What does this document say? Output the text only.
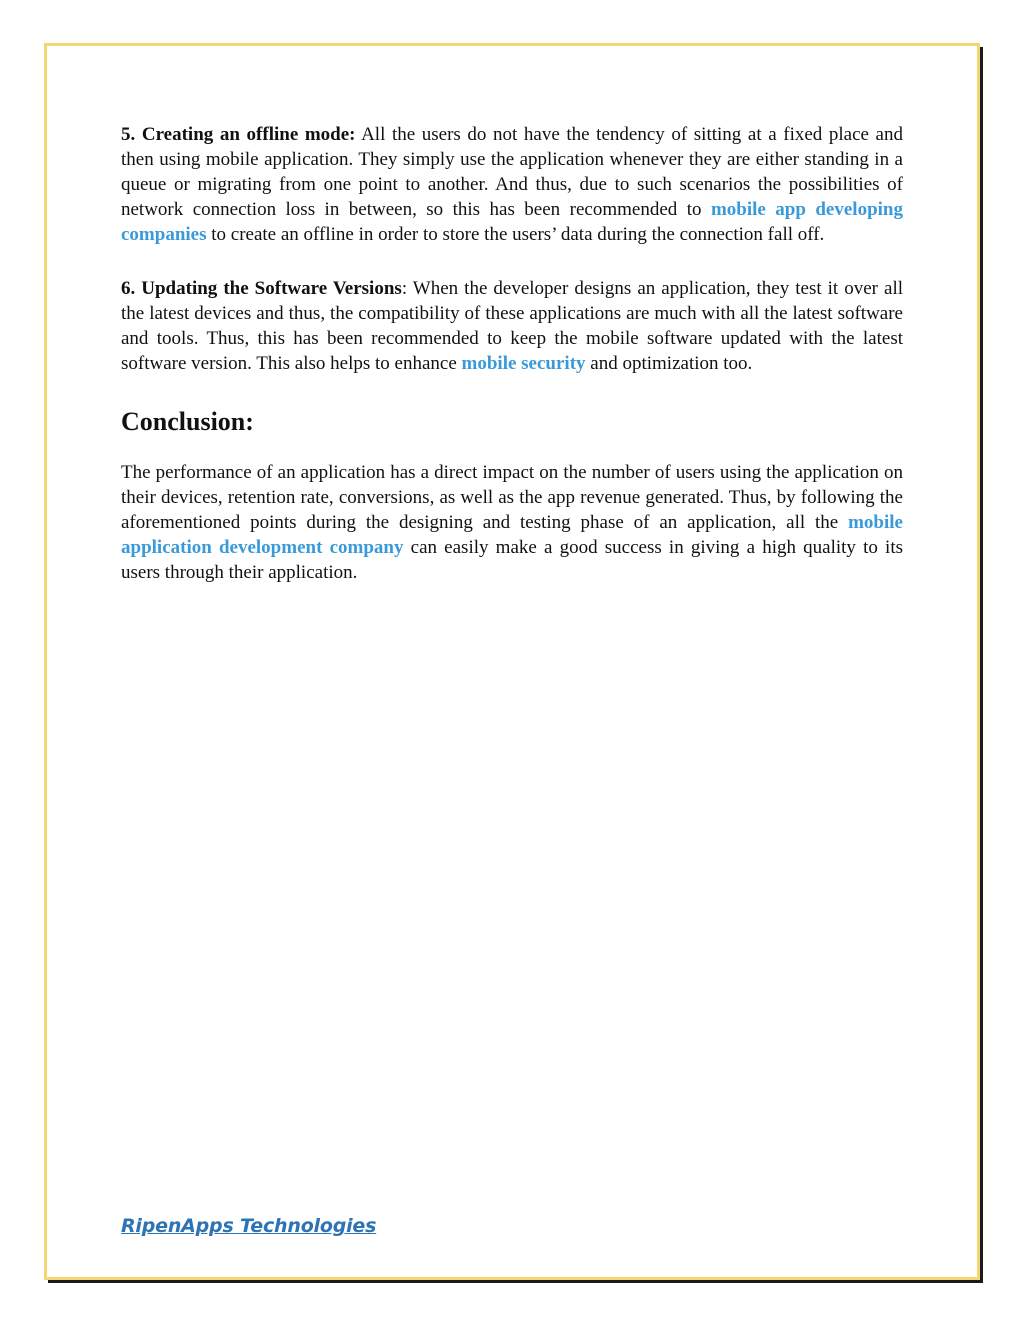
5. Creating an offline mode: All the users do not have the tendency of sitting at a fixed place and then using mobile application. They simply use the application whenever they are either standing in a queue or migrating from one point to another. And thus, due to such scenarios the possibilities of network connection loss in between, so this has been recommended to mobile app developing companies to create an offline in order to store the users’ data during the connection fall off.

6. Updating the Software Versions: When the developer designs an application, they test it over all the latest devices and thus, the compatibility of these applications are much with all the latest software and tools. Thus, this has been recommended to keep the mobile software updated with the latest software version. This also helps to enhance mobile security and optimization too.

Conclusion:

The performance of an application has a direct impact on the number of users using the application on their devices, retention rate, conversions, as well as the app revenue generated. Thus, by following the aforementioned points during the designing and testing phase of an application, all the mobile application development company can easily make a good success in giving a high quality to its users through their application.

RipenApps Technologies
